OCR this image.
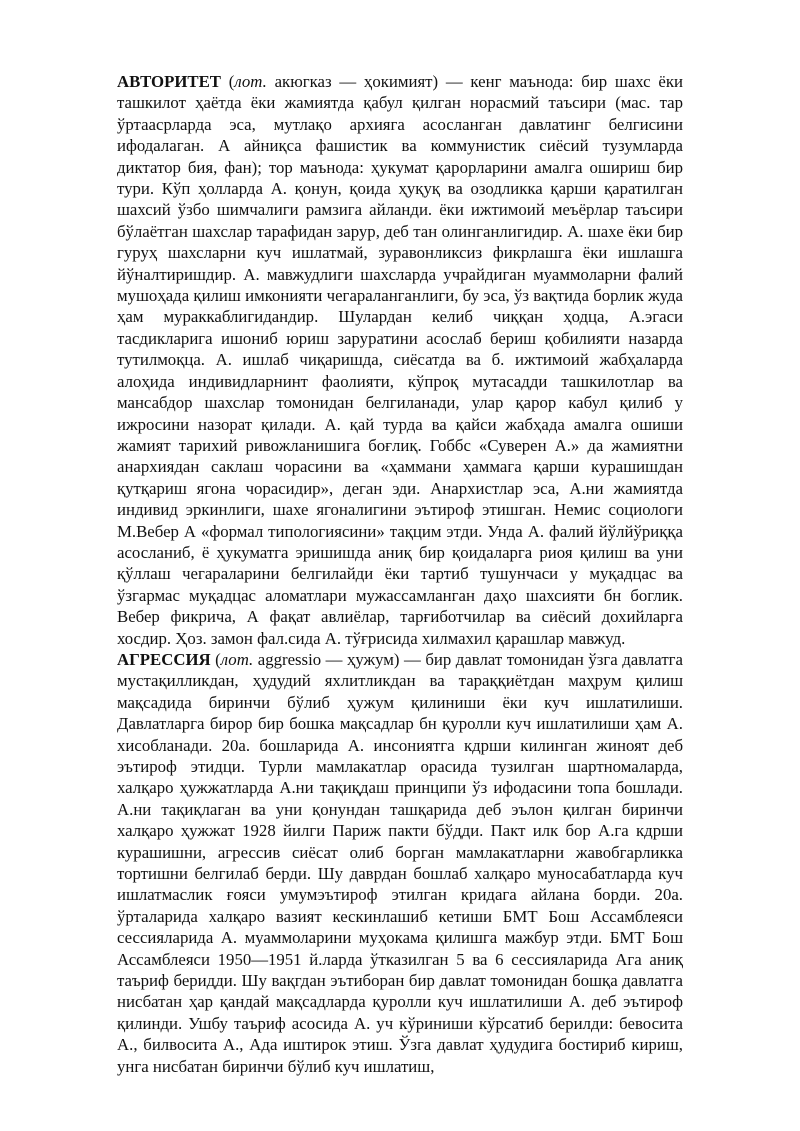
АВТОРИТЕТ (лот. акюгказ — ҳокимият) — кенг маънода: бир шахс ёки ташкилот ҳаётда ёки жамиятда қабул қилган норасмий таъсири (мас. тар ўртаасрларда эса, мутлақо архияга асосланган давлатинг белгисини ифодалаган. А айниқса фашистик ва коммунистик сиёсий тузумларда диктатор бия, фан); тор маънода: ҳукумат қарорларини амалга ошириш бир тури. Кўп ҳолларда А. қонун, қоида ҳуқуқ ва озодликка қарши қаратилган шахсий ўзбо шимчалиги рамзига айланди. ёки ижтимоий меъёрлар таъсири бўлаётган шахслар тарафидан зарур, деб тан олинганлигидир. А. шахе ёки бир гуруҳ шахсларни куч ишлатмай, зуравонликсиз фикрлашга ёки ишлашга йўналтиришдир. А. мавжудлиги шахсларда учрайдиган муаммоларни фалий мушоҳада қилиш имконияти чегараланганлиги, бу эса, ўз вақтида борлик жуда ҳам мураккаблигидандир. Шулардан келиб чиққан ҳодца, А.эгаси тасдикларига ишониб юриш заруратини асослаб бериш қобилияти назарда тутилмоқца. А. ишлаб чиқаришда, сиёсатда ва б. ижтимоий жабҳаларда алоҳида индивидларнинт фаолияти, кўпроқ мутасадди ташкилотлар ва мансабдор шахслар томонидан белгиланади, улар қарор кабул қилиб у ижросини назорат қилади. А. қай турда ва қайси жабҳада амалга ошиши жамият тарихий ривожланишига боғлиқ. Гоббс «Суверен А.» да жамиятни анархиядан саклаш чорасини ва «ҳаммани ҳаммага қарши курашишдан қутқариш ягона чорасидир», деган эди. Анархистлар эса, А.ни жамиятда индивид эркинлиги, шахе ягоналигини эътироф этишган. Немис социологи М.Вебер А «формал типологиясини» тақцим этди. Унда А. фалий йўлйўриққа асосланиб, ё ҳукуматга эришишда аниқ бир қоидаларга риоя қилиш ва уни қўллаш чегараларини белгилайди ёки тартиб тушунчаси у муқадцас ва ўзгармас муқадцас аломатлари мужассамланган даҳо шахсияти бн боглик. Вебер фикрича, А фақат авлиёлар, тарғиботчилар ва сиёсий дохийларга хосдир. Ҳоз. замон фал.сида А. тўғрисида хилмахил қарашлар мавжуд.

АГРЕССИЯ (лот. aggressio — ҳужум) — бир давлат томонидан ўзга давлатга мустақилликдан, ҳудудий яхлитликдан ва тараққиётдан маҳрум қилиш мақсадида биринчи бўлиб ҳужум қилиниши ёки куч ишлатилиши. Давлатларга бирор бир бошка мақсадлар бн қуролли куч ишлатилиши ҳам А. хисобланади. 20а. бошларида А. инсониятга кдрши килинган жиноят деб эътироф этидци. Турли мамлакатлар орасида тузилган шартномаларда, халқаро ҳужжатларда А.ни тақиқдаш принципи ўз ифодасини топа бошлади. А.ни тақиқлаган ва уни қонундан ташқарида деб эълон қилган биринчи халқаро ҳужжат 1928 йилги Париж пакти бўдди. Пакт илк бор А.га кдрши курашишни, агрессив сиёсат олиб борган мамлакатларни жавобгарликка тортишни белгилаб берди. Шу даврдан бошлаб халқаро муносабатларда куч ишлатмаслик ғояси умумэътироф этилган кридага айлана борди. 20а. ўрталарида халқаро вазият кескинлашиб кетиши БМТ Бош Ассамблеяси сессияларида А. муаммоларини муҳокама қилишга мажбур этди. БМТ Бош Ассамблеяси 1950—1951 й.ларда ўтказилган 5 ва 6 сессияларида Ага аниқ таъриф беридди. Шу вақгдан эътиборан бир давлат томонидан бошқа давлатга нисбатан ҳар қандай мақсадларда қуролли куч ишлатилиши А. деб эътироф қилинди. Ушбу таъриф асосида А. уч кўриниши кўрсатиб берилди: бевосита А., билвосита А., Ада иштирок этиш. Ўзга давлат ҳудудига бостириб кириш, унга нисбатан биринчи бўлиб куч ишлатиш,
